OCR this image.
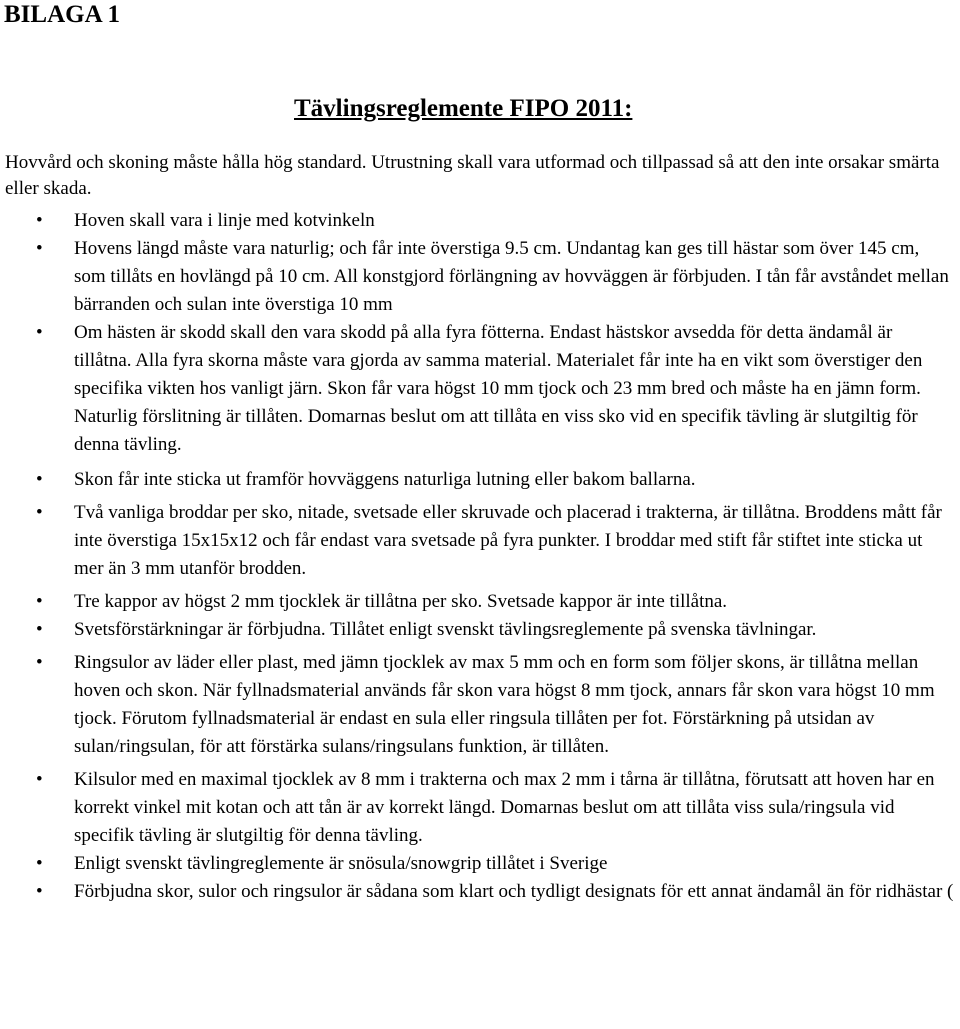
BILAGA 1
Tävlingsreglemente FIPO 2011:
Hovvård och skoning måste hålla hög standard. Utrustning skall vara utformad och tillpassad så att den inte orsakar smärta eller skada.
• Hoven skall vara i linje med kotvinkeln
• Hovens längd måste vara naturlig; och får inte överstiga 9.5 cm. Undantag kan ges till hästar som över 145 cm, som tillåts en hovlängd på 10 cm. All konstgjord förlängning av hovväggen är förbjuden. I tån får avståndet mellan bärranden och sulan inte överstiga 10 mm
• Om hästen är skodd skall den vara skodd på alla fyra fötterna. Endast hästskor avsedda för detta ändamål är tillåtna. Alla fyra skorna måste vara gjorda av samma material. Materialet får inte ha en vikt som överstiger den specifika vikten hos vanligt järn. Skon får vara högst 10 mm tjock och 23 mm bred och måste ha en jämn form. Naturlig förslitning är tillåten. Domarnas beslut om att tillåta en viss sko vid en specifik tävling är slutgiltig för denna tävling.
• Skon får inte sticka ut framför hovväggens naturliga lutning eller bakom ballarna.
• Två vanliga broddar per sko, nitade, svetsade eller skruvade och placerad i trakterna, är tillåtna. Broddens mått får inte överstiga 15x15x12 och får endast vara svetsade på fyra punkter. I broddar med stift får stiftet inte sticka ut mer än 3 mm utanför brodden.
• Tre kappor av högst 2 mm tjocklek är tillåtna per sko. Svetsade kappor är inte tillåtna.
• Svetsförstärkningar är förbjudna. Tillåtet enligt svenskt tävlingsreglemente på svenska tävlningar.
• Ringsulor av läder eller plast, med jämn tjocklek av max 5 mm och en form som följer skons, är tillåtna mellan hoven och skon. När fyllnadsmaterial används får skon vara högst 8 mm tjock, annars får skon vara högst 10 mm tjock. Förutom fyllnadsmaterial är endast en sula eller ringsula tillåten per fot. Förstärkning på utsidan av sulan/ringsulan, för att förstärka sulans/ringsulans funktion, är tillåten.
• Kilsulor med en maximal tjocklek av 8 mm i trakterna och max 2 mm i tårna är tillåtna, förutsatt att hoven har en korrekt vinkel mit kotan och att tån är av korrekt längd. Domarnas beslut om att tillåta viss sula/ringsula vid specifik tävling är slutgiltig för denna tävling.
• Enligt svenskt tävlingreglemente är snösula/snowgrip tillåtet i Sverige
• Förbjudna skor, sulor och ringsulor är sådana som klart och tydligt designats för ett annat ändamål än för ridhästar (
